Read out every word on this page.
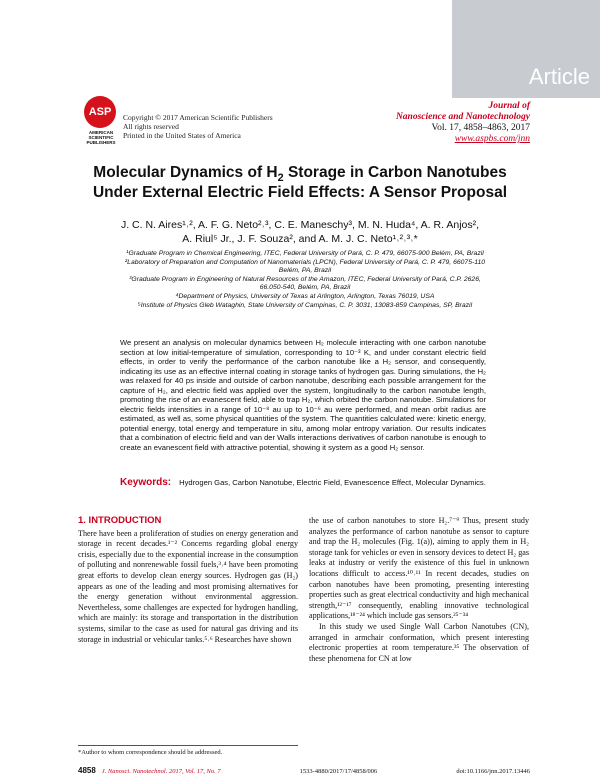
Article
ASP
AMERICAN
SCIENTIFIC
PUBLISHERS
Copyright © 2017 American Scientific Publishers
All rights reserved
Printed in the United States of America
Journal of
Nanoscience and Nanotechnology
Vol. 17, 4858–4863, 2017
www.aspbs.com/jnn
Molecular Dynamics of $H_2$ Storage in Carbon Nanotubes
Under External Electric Field Effects: A Sensor Proposal
J. C. N. Aires¹˒², A. F. G. Neto²˒³, C. E. Maneschy³, M. N. Huda⁴, A. R. Anjos²,
A. Riul⁵ Jr., J. F. Souza², and A. M. J. C. Neto¹˒²˒³˒*
¹Graduate Program in Chemical Engineering, ITEC, Federal University of Pará, C. P. 479, 66075-900 Belém, PA, Brazil
²Laboratory of Preparation and Computation of Nanomaterials (LPCN), Federal University of Pará, C. P. 479, 66075-110 Belém, PA, Brazil
³Graduate Program in Engineering of Natural Resources of the Amazon, ITEC, Federal University of Pará, C.P. 2626, 66.050-540, Belém, PA, Brazil
⁴Department of Physics, University of Texas at Arlington, Arlington, Texas 76019, USA
⁵Institute of Physics Gleb Wataghin, State University of Campinas, C. P. 3031, 13083-859 Campinas, SP, Brazil
We present an analysis on molecular dynamics between H₂ molecule interacting with one carbon nanotube section at low initial-temperature of simulation, corresponding to 10⁻³ K, and under constant electric field effects, in order to verify the performance of the carbon nanotube like a H₂ sensor, and consequently, indicating its use as an effective internal coating in storage tanks of hydrogen gas. During simulations, the H₂ was relaxed for 40 ps inside and outside of carbon nanotube, describing each possible arrangement for the capture of H₂, and electric field was applied over the system, longitudinally to the carbon nanotube length, promoting the rise of an evanescent field, able to trap H₂, which orbited the carbon nanotube. Simulations for electric fields intensities in a range of 10⁻⁸ au up to 10⁻⁶ au were performed, and mean orbit radius are estimated, as well as, some physical quantities of the system. The quantities calculated were: kinetic energy, potential energy, total energy and temperature in situ, among molar entropy variation. Our results indicates that a combination of electric field and van der Walls interactions derivatives of carbon nanotube is enough to create an evanescent field with attractive potential, showing it system as a good H₂ sensor.
Keywords: Hydrogen Gas, Carbon Nanotube, Electric Field, Evanescence Effect, Molecular Dynamics.
1. INTRODUCTION

There have been a proliferation of studies on energy generation and storage in recent decades.¹⁻² Concerns regarding global energy crisis, especially due to the exponential increase in the consumption of polluting and nonrenewable fossil fuels,³˒⁴ have been promoting great efforts to develop clean energy sources. Hydrogen gas (H₂) appears as one of the leading and most promising alternatives for the energy generation without environmental aggression. Nevertheless, some challenges are expected for hydrogen handling, which are mainly: its storage and transportation in the distribution systems, similar to the case as used for natural gas driving and its storage in industrial or vehicular tanks.⁵˒⁶ Researches have shown

the use of carbon nanotubes to store H₂.⁷⁻⁹ Thus, present study analyzes the performance of carbon nanotube as sensor to capture and trap the H₂ molecules (Fig. 1(a)), aiming to apply them in H₂ storage tank for vehicles or even in sensory devices to detect H₂ gas leaks at industry or verify the existence of this fuel in unknown locations difficult to access.¹⁰˒¹¹ In recent decades, studies on carbon nanotubes have been promoting, presenting interesting properties such as great electrical conductivity and high mechanical strength,¹²⁻¹⁷ consequently, enabling innovative technological applications,¹⁸⁻²⁴ which include gas sensors.²⁵⁻³⁴

In this study we used Single Wall Carbon Nanotubes (CN), arranged in armchair conformation, which present interesting electronic properties at room temperature.³⁵ The observation of these phenomena for CN at low

*Author to whom correspondence should be addressed.
4858 J. Nanosci. Nanotechnol. 2017, Vol. 17, No. 7	1533-4880/2017/17/4858/006	doi:10.1166/jnn.2017.13446
